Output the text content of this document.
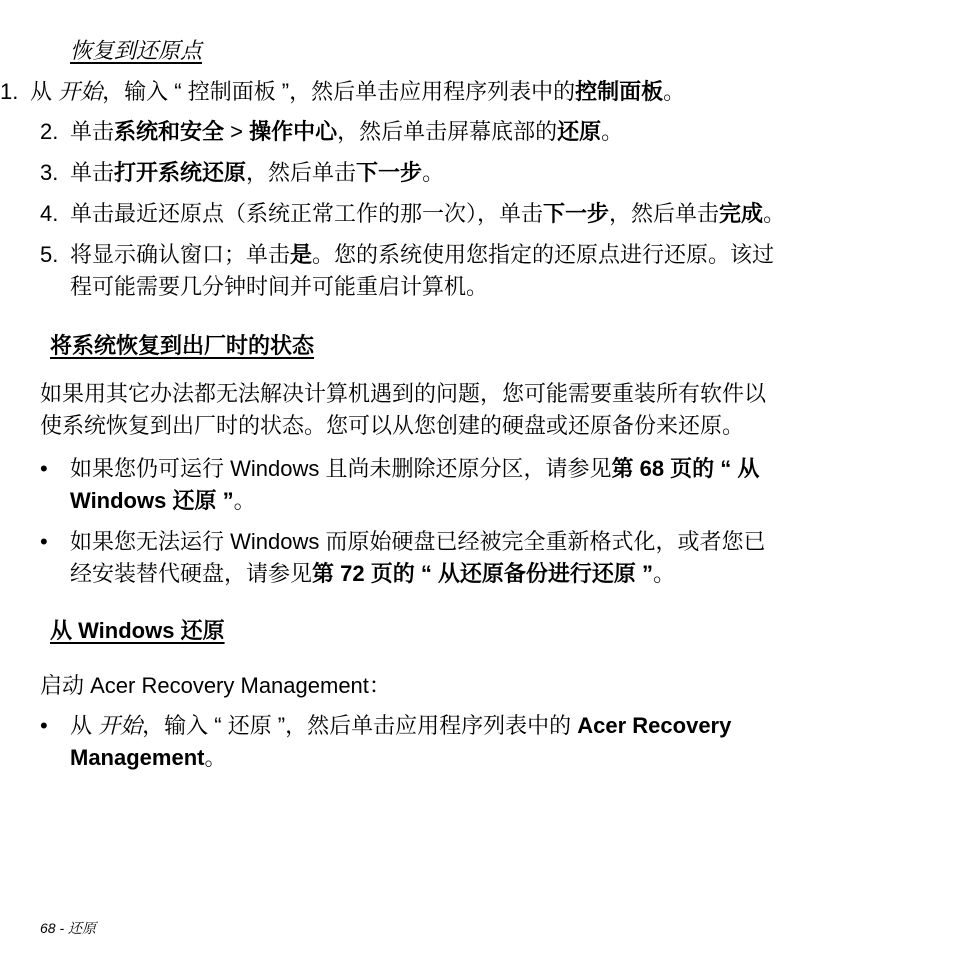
恢复到还原点
1. 从 开始，输入 “ 控制面板 ”，然后单击应用程序列表中的控制面板。
2. 单击系统和安全 > 操作中心，然后单击屏幕底部的还原。
3. 单击打开系统还原，然后单击下一步。
4. 单击最近还原点（系统正常工作的那一次），单击下一步，然后单击完成。
5. 将显示确认窗口；单击是。您的系统使用您指定的还原点进行还原。该过
程可能需要几分钟时间并可能重启计算机。
将系统恢复到出厂时的状态
如果用其它办法都无法解决计算机遇到的问题，您可能需要重装所有软件以
使系统恢复到出厂时的状态。您可以从您创建的硬盘或还原备份来还原。
•	如果您仍可运行 Windows 且尚未删除还原分区，请参见第 68 页的 “ 从
Windows 还原 ”。
•	如果您无法运行 Windows 而原始硬盘已经被完全重新格式化，或者您已
经安装替代硬盘，请参见第 72 页的 “ 从还原备份进行还原 ”。
从 Windows 还原
启动 Acer Recovery Management：
•	从 开始，输入 “ 还原 ”，然后单击应用程序列表中的 Acer Recovery
Management。
68 - 还原
